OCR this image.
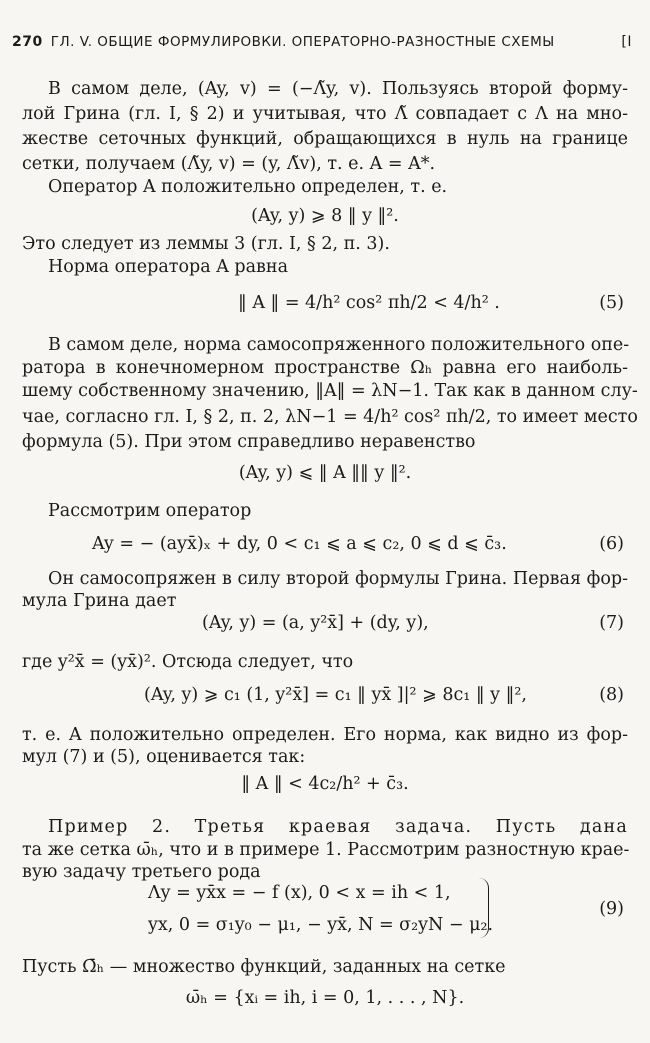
270 ГЛ. V. ОБЩИЕ ФОРМУЛИРОВКИ. ОПЕРАТОРНО-РАЗНОСТНЫЕ СХЕМЫ	[I
В самом деле, (Ay, v) = (−Λ̃y, v). Пользуясь второй форму-
лой Грина (гл. I, § 2) и учитывая, что Λ̃ совпадает с Λ на мно-
жестве сеточных функций, обращающихся в нуль на границе
сетки, получаем (Λ̃y, v) = (y, Λ̃v), т. е. A = A*.
Оператор A положительно определен, т. е.
(Ay, y) ⩾ 8 ‖ y ‖².
Это следует из леммы 3 (гл. I, § 2, п. 3).
Норма оператора A равна
‖ A ‖ = 4/h² cos² πh/2 < 4/h² .	(5)
В самом деле, норма самосопряженного положительного опе-
ратора в конечномерном пространстве Ωₕ равна его наиболь-
шему собственному значению, ‖A‖ = λN−1. Так как в данном слу-
чае, согласно гл. I, § 2, п. 2, λN−1 = 4/h² cos² πh/2, то имеет место
формула (5). При этом справедливо неравенство
(Ay, y) ⩽ ‖ A ‖‖ y ‖².
Рассмотрим оператор
Ay = − (ayx̄)ₓ + dy, 0 < c₁ ⩽ a ⩽ c₂, 0 ⩽ d ⩽ c̄₃.	(6)
Он самосопряжен в силу второй формулы Грина. Первая фор-
мула Грина дает
(Ay, y) = (a, y²x̄] + (dy, y),	(7)
где y²x̄ = (yx̄)². Отсюда следует, что
(Ay, y) ⩾ c₁ (1, y²x̄] = c₁ ‖ yx̄ ]|² ⩾ 8c₁ ‖ y ‖²,	(8)
т. е. A положительно определен. Его норма, как видно из фор-
мул (7) и (5), оценивается так:
‖ A ‖ < 4c₂/h² + c̄₃.
Пример 2. Третья краевая задача. Пусть дана
та же сетка ω̄ₕ, что и в примере 1. Рассмотрим разностную крае-
вую задачу третьего рода
Λy = yx̄x = − f (x), 0 < x = ih < 1,
yx, 0 = σ₁y₀ − μ₁, − yx̄, N = σ₂yN − μ₂.
(9)
Пусть Ω̄ₕ — множество функций, заданных на сетке
ω̄ₕ = {xᵢ = ih, i = 0, 1, . . . , N}.
